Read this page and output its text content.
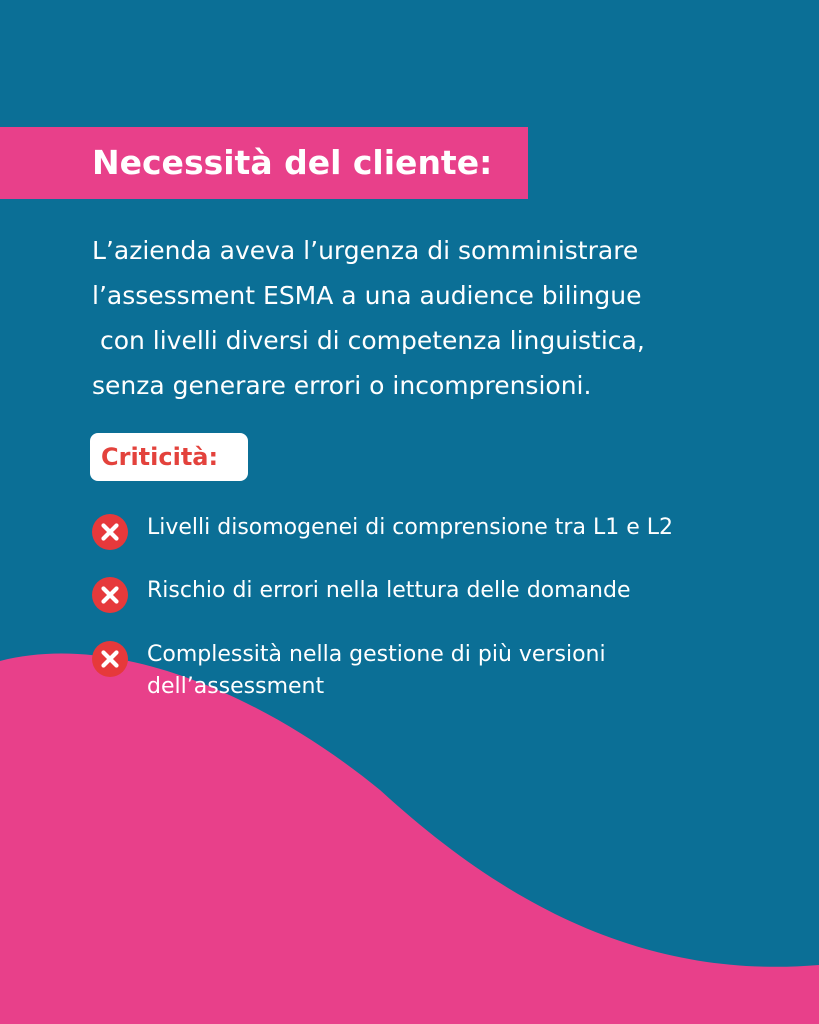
Necessità del cliente:
L’azienda aveva l’urgenza di somministrare
l’assessment ESMA a una audience bilingue
con livelli diversi di competenza linguistica,
senza generare errori o incomprensioni.
Criticità:
Livelli disomogenei di comprensione tra L1 e L2
Rischio di errori nella lettura delle domande
Complessità nella gestione di più versioni
dell’assessment
